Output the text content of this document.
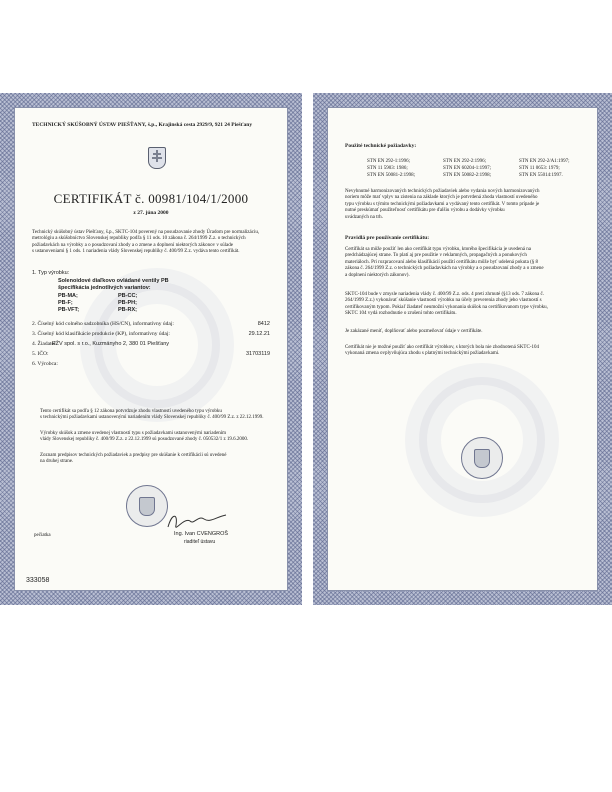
TECHNICKÝ SKÚŠOBNÝ ÚSTAV PIEŠŤANY, š.p., Krajinská cesta 2929/9, 921 24 Piešťany
CERTIFIKÁT č. 00981/104/1/2000
z 27. júna 2000
Technický skúšobný ústav Piešťany, š.p., SKTC-104 poverený na posudzovanie zhody Úradom pre normalizáciu,
metrológiu a skúšobníctvo Slovenskej republiky podľa § 11 ods. 10 zákona č. 264/1999 Z.z. o technických
požiadavkách na výrobky a o posudzovaní zhody a o zmene a doplnení niektorých zákonov v súlade
s ustanoveniami § 1 ods. 1 nariadenia vlády Slovenskej republiky č. 400/99 Z.z. vydáva tento certifikát.
1. Typ výrobku:
Solenoidové diaľkovo ovládané ventily PB
špecifikácia jednotlivých variantov:
PB-MA;	PB-CC;
PB-F;	PB-PH;
PB-VFT;	PB-RX;
2. Číselný kód colného sadzobníka (HS/CN), informatívny údaj:	8412
3. Číselný kód klasifikácie produkcie (KP), informatívny údaj:	29.12.21
4. Žiadateľ:
EŽV spol. s r.o., Kuzmányho 2, 380 01 Piešťany
5. IČO:	31703119
6. Výrobca:
Tento certifikát sa podľa § 12 zákona potvrdzuje zhodu vlastností uvedeného typu výrobku
s technickými požiadavkami ustanovenými nariadením vlády Slovenskej republiky č. 400/99 Z.z. z 22.12.1999.
Výrobky skúšok a zmene uvedenej vlastností typu s požiadavkami ustanovenými nariadením
vlády Slovenskej republiky č. 400/99 Z.z. z 22.12.1999 sú posudzované zhody č. 050532/1 z 19.6.2000.
Zoznam predpisov technických požiadaviek a predpisy pre skúšanie k certifikácii sú uvedené
na druhej strane.
pečiatka	Ing. Ivan CVENGROŠ
riaditeľ ústavu
333058
Použité technické požiadavky:
STN EN 292-1:1996;	STN EN 292-2:1996;	STN EN 292-2/A1:1997;
STN 11 5903: 1986;	STN EN 60204-1:1997;	STN 11 0653: 1979;
STN EN 50081-2:1998;	STN EN 50082-2:1998;	STN EN 55014:1997.
Nevyhnutné harmonizovaných technických požiadaviek alebo vydania nových harmonizovaných
noriem môže mať vplyv na zistenia na základe ktorých je potvrdená zhoda vlastností uvedeného
typu výrobku s týmito technickými požiadavkami a vydávaný tento certifikát. V tomto prípade je
nutné preskúmať použiteľnosť certifikátu pre ďalšiu výrobu a dodávky výrobku
uvádzaných na trh.
Pravidlá pre používanie certifikátu:
Certifikát sa môže použiť len ako certifikát typu výrobku, ktorého špecifikácia je uvedená na
predchádzajúcej strane. To platí aj pre použitie v reklamných, propagačných a ponukových
materiáloch. Pri rozpracovaní alebo klasifikácií použití certifikátu môže byť udelená pokuta (§ 8
zákona č. 264/1999 Z.z. o technických požiadavkách na výrobky a o posudzovaní zhody a o zmene
a doplnení niektorých zákonov).
SKTC-104 bude v zmysle nariadenia vlády č. 400/99 Z.z. ods. 4 preti zhrnuté (§13 ods. 7 zákona č.
264/1999 Z.z.) vykonávať skúšanie vlastností výrobku na účely preverenia zhody jeho vlastností s
certifikovaným typom. Pokiaľ žiadateľ neumožní vykonania skúšok na certifikovanom type výrobku,
SKTC 104 vydá rozhodnutie o zrušení tohto certifikátu.
Je zakázané meniť, doplňovať alebo pozmeňovať údaje v certifikáte.
Certifikát nie je možné použiť ako certifikát výrobkov, s ktorých bola nie zhodnotená SKTC-104
vykonaná zmena ovplyvňujúca zhodu s platnými technickými požiadavkami.
